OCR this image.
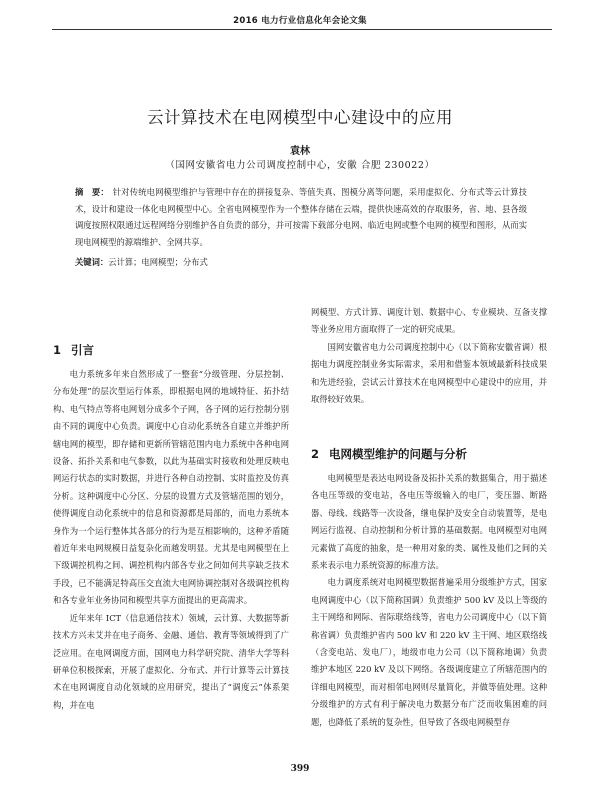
2016 电力行业信息化年会论文集
云计算技术在电网模型中心建设中的应用
袁林
（国网安徽省电力公司调度控制中心，安徽 合肥 230022）
摘　要： 针对传统电网模型维护与管理中存在的拼接复杂、等值失真、图模分离等问题，采用虚拟化、分布式等云计算技术，设计和建设一体化电网模型中心。全省电网模型作为一个整体存储在云端，提供快速高效的存取服务，省、地、县各级调度按照权限通过远程网络分别维护各自负责的部分，并可按需下载部分电网、临近电网或整个电网的模型和图形，从而实现电网模型的源端维护、全网共享。
关键词：云计算；电网模型；分布式
1 引言

电力系统多年来自然形成了一整套“分级管理、分层控制、分布处理”的层次型运行体系，即根据电网的地域特征、拓扑结构、电气特点等将电网划分成多个子网，各子网的运行控制分别由不同的调度中心负责。调度中心自动化系统各自建立并维护所辖电网的模型，即存储和更新所管辖范围内电力系统中各种电网设备、拓扑关系和电气参数，以此为基础实时接收和处理反映电网运行状态的实时数据，并进行各种自动控制、实时监控及仿真分析。这种调度中心分区、分层的设置方式及管辖范围的划分，使得调度自动化系统中的信息和资源都是局部的，而电力系统本身作为一个运行整体其各部分的行为是互相影响的，这种矛盾随着近年来电网规模日益复杂化而越发明显。尤其是电网模型在上下级调控机构之间、调控机构内部各专业之间如何共享缺乏技术手段，已不能满足特高压交直流大电网协调控制对各级调控机构和各专业年业务协同和模型共享方面提出的更高需求。

近年来年 ICT（信息通信技术）领域，云计算、大数据等新技术方兴未艾并在电子商务、金融、通信、教育等领域得到了广泛应用。在电网调度方面，国网电力科学研究院、清华大学等科研单位积极探索，开展了虚拟化、分布式、并行计算等云计算技术在电网调度自动化领域的应用研究，提出了“调度云”体系架构，并在电

网模型、方式计算、调度计划、数据中心、专业模块、互备支撑等业务应用方面取得了一定的研究成果。

国网安徽省电力公司调度控制中心（以下简称安徽省调）根据电力调度控制业务实际需求，采用和借鉴本领域最新科技成果和先进经验，尝试云计算技术在电网模型中心建设中的应用，并取得较好效果。

2 电网模型维护的问题与分析

电网模型是表达电网设备及拓扑关系的数据集合，用于描述各电压等级的变电站，各电压等级输入的电厂，变压器、断路器、母线、线路等一次设备，继电保护及安全自动装置等，是电网运行监视、自动控制和分析计算的基础数据。电网模型对电网元素做了高度的抽象，是一种用对象的类、属性及他们之间的关系来表示电力系统资源的标准方法。

电力调度系统对电网模型数据普遍采用分级维护方式，国家电网调度中心（以下简称国调）负责维护 500 kV 及以上等级的主干网络和网际、省际联络线等，省电力公司调度中心（以下简称省调）负责维护省内 500 kV 和 220 kV 主干网、地区联络线（含变电站、发电厂），地级市电力公司（以下简称地调）负责维护本地区 220 kV 及以下网络。各级调度建立了所辖范围内的详细电网模型，而对相邻电网则尽量简化，并做等值处理。这种分级维护的方式有利于解决电力数据分布广泛而收集困难的问题，也降低了系统的复杂性，但导致了各级电网模型存

399
